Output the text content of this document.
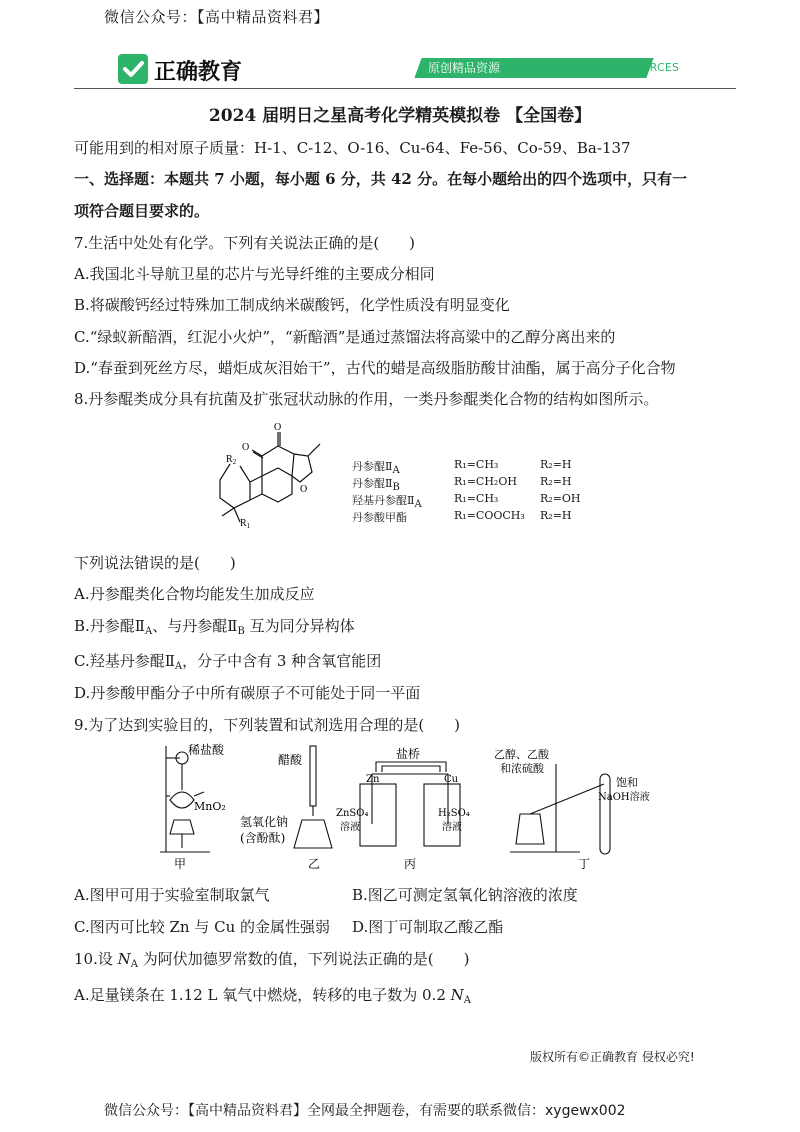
微信公众号：【高中精品资料君】
正确教育	原创精品资源	/ORIGINAL RESOURCES
2024 届明日之星高考化学精英模拟卷 【全国卷】
可能用到的相对原子质量：H-1、C-12、O-16、Cu-64、Fe-56、Co-59、Ba-137
一、选择题：本题共 7 小题，每小题 6 分，共 42 分。在每小题给出的四个选项中，只有一
项符合题目要求的。
7.生活中处处有化学。下列有关说法正确的是(　　)
A.我国北斗导航卫星的芯片与光导纤维的主要成分相同
B.将碳酸钙经过特殊加工制成纳米碳酸钙，化学性质没有明显变化
C.“绿蚁新醅酒，红泥小火炉”，“新醅酒”是通过蒸馏法将高粱中的乙醇分离出来的
D.“春蚕到死丝方尽，蜡炬成灰泪始干”，古代的蜡是高级脂肪酸甘油酯，属于高分子化合物
8.丹参醌类成分具有抗菌及扩张冠状动脉的作用，一类丹参醌类化合物的结构如图所示。
$R_2$
$R_1$
O
O
O
丹参醌ⅡA	R₁=CH₃	R₂=H
丹参醌ⅡB	R₁=CH₂OH R₂=H
羟基丹参醌ⅡA	R₁=CH₃	R₂=OH
丹参酸甲酯	R₁=COOCH₃ R₂=H
下列说法错误的是(　　)
A.丹参醌类化合物均能发生加成反应
B.丹参醌$Ⅱ_A$、与丹参醌$Ⅱ_B$ 互为同分异构体
C.羟基丹参醌$Ⅱ_A$，分子中含有 3 种含氧官能团
D.丹参酸甲酯分子中所有碳原子不可能处于同一平面
9.为了达到实验目的，下列装置和试剂选用合理的是(　　)
稀盐酸
MnO₂
甲
醋酸
氢氧化钠
(含酚酞)
乙
盐桥
Zn	Cu
ZnSO₄
溶液
H₂SO₄
溶液
丙
乙醇、乙酸
和浓硫酸
饱和
NaOH溶液
丁
A.图甲可用于实验室制取氯气	B.图乙可测定氢氧化钠溶液的浓度
C.图丙可比较 Zn 与 Cu 的金属性强弱 D.图丁可制取乙酸乙酯
10.设 $N_A$ 为阿伏加德罗常数的值，下列说法正确的是(　　)
A.足量镁条在 1.12 L 氧气中燃烧，转移的电子数为 0.2 $N_A$
版权所有©正确教育 侵权必究!
微信公众号：【高中精品资料君】全网最全押题卷，有需要的联系微信：xygewx002
